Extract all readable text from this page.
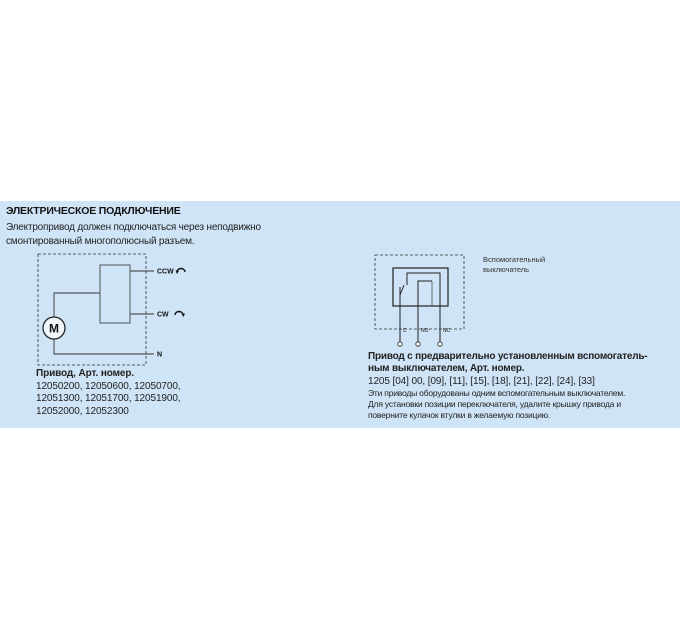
ЭЛЕКТРИЧЕСКОЕ ПОДКЛЮЧЕНИЕ
Электропривод должен подключаться через неподвижно
смонтированный многополюсный разъем.
M
CCW
CW
N
Привод, Арт. номер.
12050200, 12050600, 12050700,
12051300, 12051700, 12051900,
12052000, 12052300
C	NO	NC
Вспомогательный
выключатель
Привод с предварительно установленным вспомогатель-
ным выключателем, Арт. номер.
1205 [04] 00, [09], [11], [15], [18], [21], [22], [24], [33]
Эти приводы оборудованы одним вспомогательным выключателем.
Для установки позиции переключателя, удалите крышку привода и
поверните кулачок втулки в желаемую позицию.
